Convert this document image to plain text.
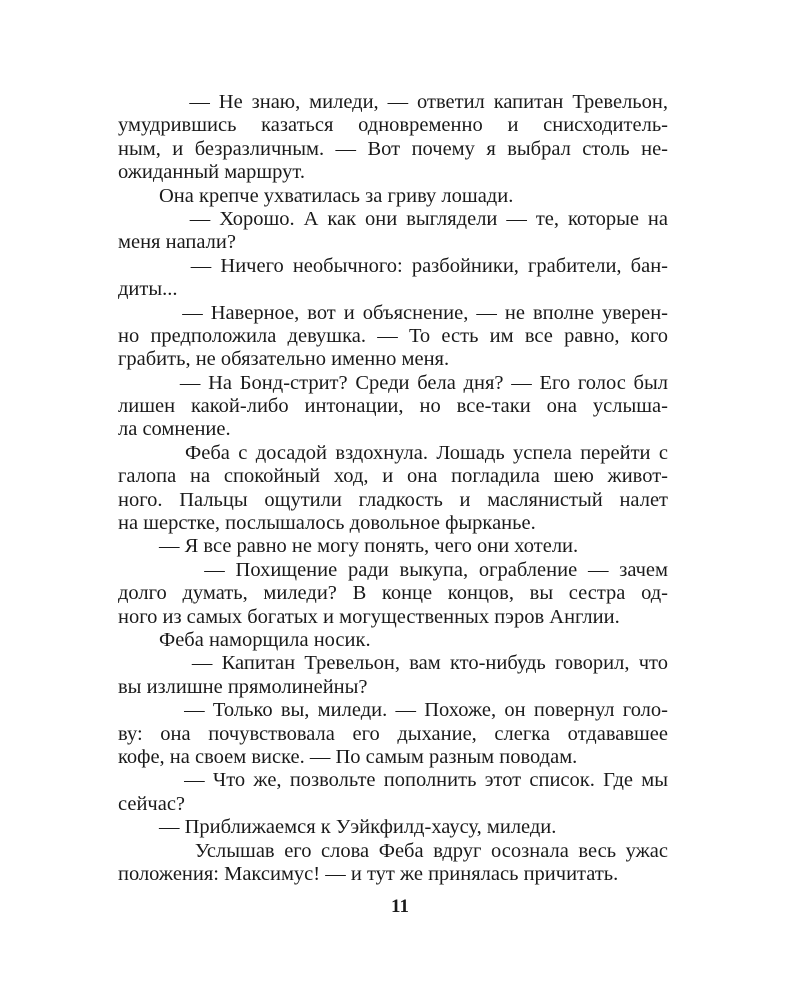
— Не знаю, миледи, — ответил капитан Тревельон,
умудрившись казаться одновременно и снисходитель-
ным, и безразличным. — Вот почему я выбрал столь не-
ожиданный маршрут.
Она крепче ухватилась за гриву лошади.
— Хорошо. А как они выглядели — те, которые на
меня напали?
— Ничего необычного: разбойники, грабители, бан-
диты...
— Наверное, вот и объяснение, — не вполне уверен-
но предположила девушка. — То есть им все равно, кого
грабить, не обязательно именно меня.
— На Бонд-стрит? Среди бела дня? — Его голос был
лишен какой-либо интонации, но все-таки она услыша-
ла сомнение.
Феба с досадой вздохнула. Лошадь успела перейти с
галопа на спокойный ход, и она погладила шею живот-
ного. Пальцы ощутили гладкость и маслянистый налет
на шерстке, послышалось довольное фырканье.
— Я все равно не могу понять, чего они хотели.
— Похищение ради выкупа, ограбление — зачем
долго думать, миледи? В конце концов, вы сестра од-
ного из самых богатых и могущественных пэров Англии.
Феба наморщила носик.
— Капитан Тревельон, вам кто-нибудь говорил, что
вы излишне прямолинейны?
— Только вы, миледи. — Похоже, он повернул голо-
ву: она почувствовала его дыхание, слегка отдававшее
кофе, на своем виске. — По самым разным поводам.
— Что же, позвольте пополнить этот список. Где мы
сейчас?
— Приближаемся к Уэйкфилд-хаусу, миледи.
Услышав его слова Феба вдруг осознала весь ужас
положения: Максимус! — и тут же принялась причитать.
11
